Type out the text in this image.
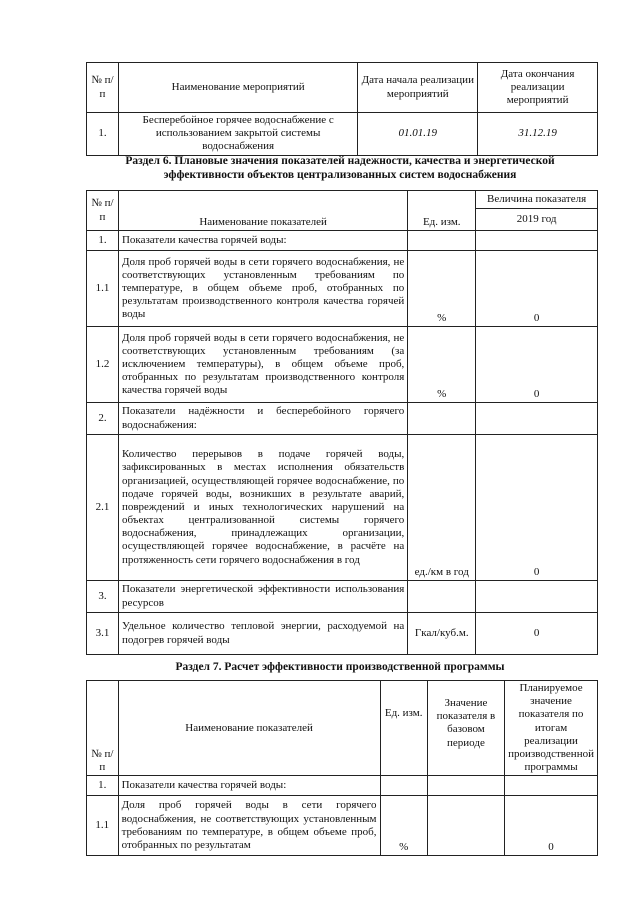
№ п/п	Наименование мероприятий	Дата начала реализации мероприятий	Дата окончания реализации мероприятий
1.	Бесперебойное горячее водоснабжение с использованием закрытой системы водоснабжения	01.01.19	31.12.19
Раздел 6. Плановые значения показателей надежности, качества и энергетической эффективности объектов централизованных систем водоснабжения
№ п/п	Наименование показателей	Ед. изм.	Величина показателя
			2019 год
1.	Показатели качества горячей воды:		
1.1	Доля проб горячей воды в сети горячего водоснабжения, не соответствующих установленным требованиям по температуре, в общем объеме проб, отобранных по результатам производственного контроля качества горячей воды	%	0
1.2	Доля проб горячей воды в сети горячего водоснабжения, не соответствующих установленным требованиям (за исключением температуры), в общем объеме проб, отобранных по результатам производственного контроля качества горячей воды	%	0
2.	Показатели надёжности и бесперебойного горячего водоснабжения:		
2.1	Количество перерывов в подаче горячей воды, зафиксированных в местах исполнения обязательств организацией, осуществляющей горячее водоснабжение, по подаче горячей воды, возникших в результате аварий, повреждений и иных технологических нарушений на объектах централизованной системы горячего водоснабжения, принадлежащих организации, осуществляющей горячее водоснабжение, в расчёте на протяженность сети горячего водоснабжения в год	ед./км в год	0
3.	Показатели энергетической эффективности использования ресурсов		
3.1	Удельное количество тепловой энергии, расходуемой на подогрев горячей воды	Гкал/куб.м.	0
Раздел 7. Расчет эффективности производственной программы
№ п/п	Наименование показателей	Ед. изм.	Значение показателя в базовом периоде	Планируемое значение показателя по итогам реализации производственной программы
1.	Показатели качества горячей воды:			
1.1	Доля проб горячей воды в сети горячего водоснабжения, не соответствующих установленным требованиям по температуре, в общем объеме проб, отобранных по результатам	%		0
